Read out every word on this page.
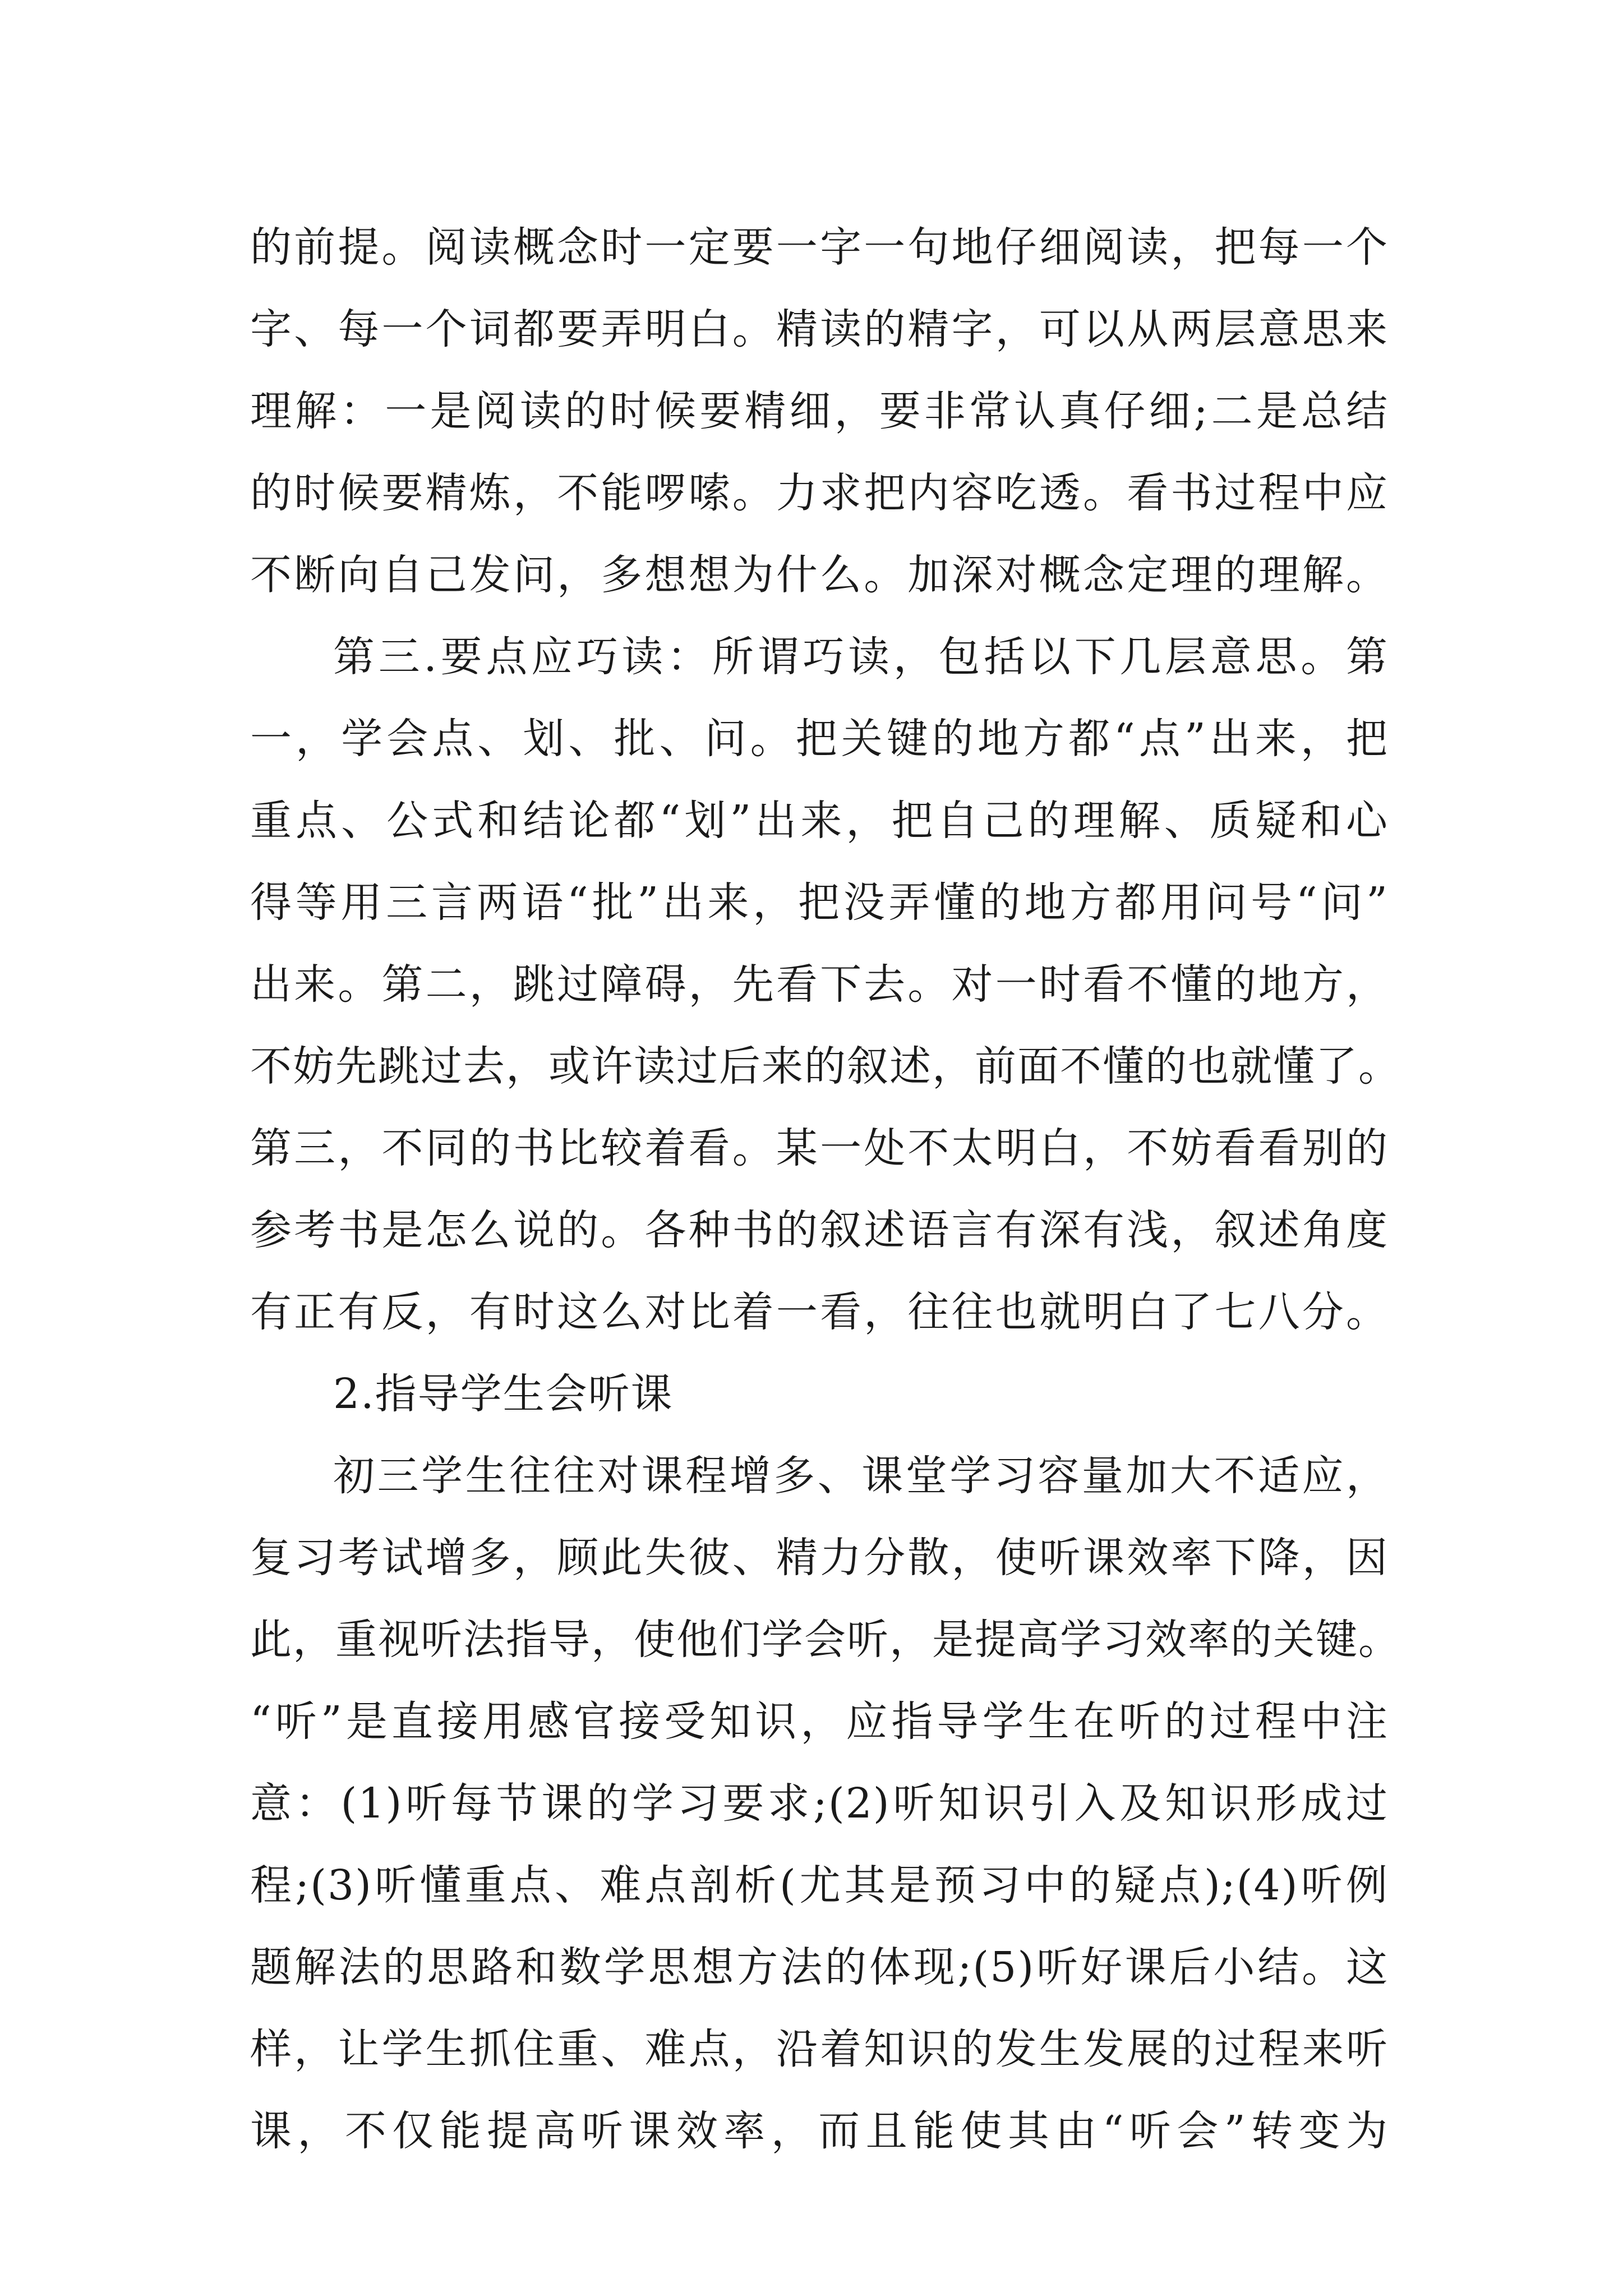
的前提。阅读概念时一定要一字一句地仔细阅读，把每一个
字、每一个词都要弄明白。精读的精字，可以从两层意思来
理解：一是阅读的时候要精细，要非常认真仔细;二是总结
的时候要精炼，不能啰嗦。力求把内容吃透。看书过程中应
不断向自己发问，多想想为什么。加深对概念定理的理解。
第三.要点应巧读：所谓巧读，包括以下几层意思。第
一，学会点、划、批、问。把关键的地方都“点”出来，把
重点、公式和结论都“划”出来，把自己的理解、质疑和心
得等用三言两语“批”出来，把没弄懂的地方都用问号“问”
出来。第二，跳过障碍，先看下去。对一时看不懂的地方，
不妨先跳过去，或许读过后来的叙述，前面不懂的也就懂了。
第三，不同的书比较着看。某一处不太明白，不妨看看别的
参考书是怎么说的。各种书的叙述语言有深有浅，叙述角度
有正有反，有时这么对比着一看，往往也就明白了七八分。
2.指导学生会听课
初三学生往往对课程增多、课堂学习容量加大不适应，
复习考试增多，顾此失彼、精力分散，使听课效率下降，因
此，重视听法指导，使他们学会听，是提高学习效率的关键。
“听”是直接用感官接受知识，应指导学生在听的过程中注
意：(1)听每节课的学习要求;(2)听知识引入及知识形成过
程;(3)听懂重点、难点剖析(尤其是预习中的疑点);(4)听例
题解法的思路和数学思想方法的体现;(5)听好课后小结。这
样，让学生抓住重、难点，沿着知识的发生发展的过程来听
课，不仅能提高听课效率，而且能使其由“听会”转变为
